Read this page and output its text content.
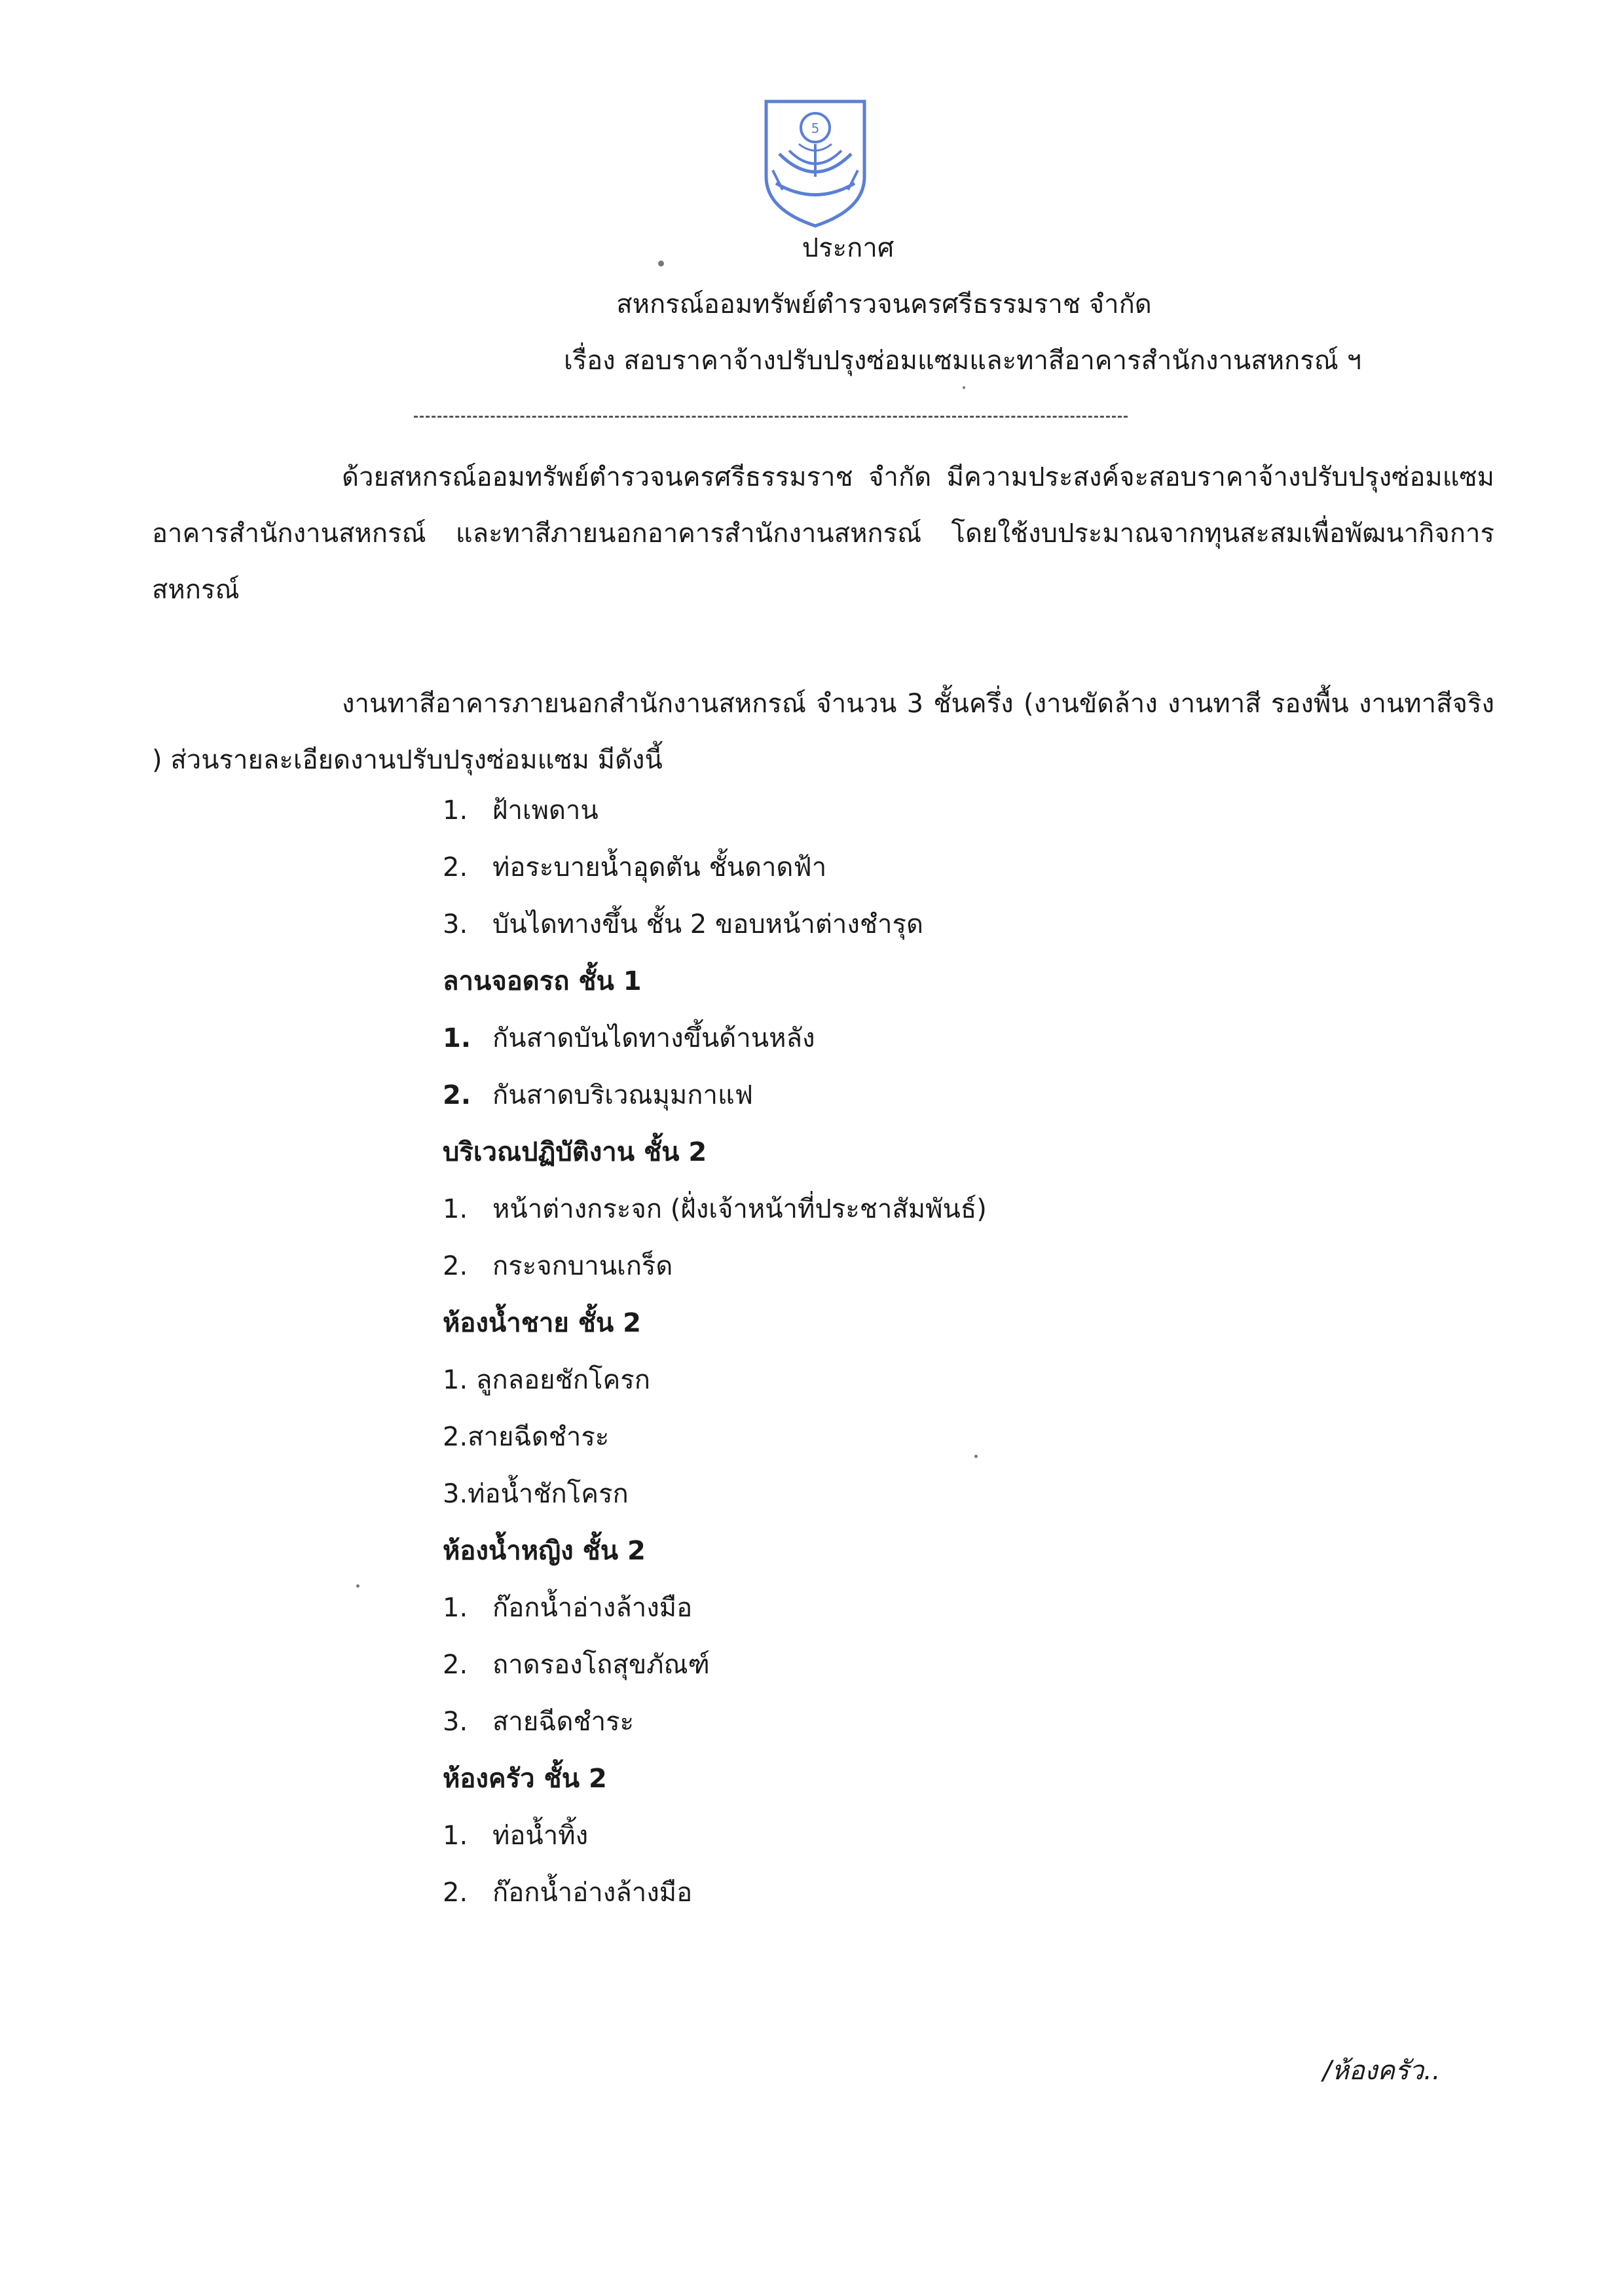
5
ประกาศ
สหกรณ์ออมทรัพย์ตำรวจนครศรีธรรมราช จำกัด
เรื่อง สอบราคาจ้างปรับปรุงซ่อมแซมและทาสีอาคารสำนักงานสหกรณ์ ฯ
ด้วยสหกรณ์ออมทรัพย์ตำรวจนครศรีธรรมราช จำกัด มีความประสงค์จะสอบราคาจ้างปรับปรุงซ่อมแซมอาคารสำนักงานสหกรณ์ และทาสีภายนอกอาคารสำนักงานสหกรณ์ โดยใช้งบประมาณจากทุนสะสมเพื่อพัฒนากิจการสหกรณ์
งานทาสีอาคารภายนอกสำนักงานสหกรณ์ จำนวน 3 ชั้นครึ่ง (งานขัดล้าง งานทาสี รองพื้น งานทาสีจริง ) ส่วนรายละเอียดงานปรับปรุงซ่อมแซม มีดังนี้
1. ฝ้าเพดาน
2. ท่อระบายน้ำอุดตัน ชั้นดาดฟ้า
3. บันไดทางขึ้น ชั้น 2 ขอบหน้าต่างชำรุด
ลานจอดรถ ชั้น 1
1. กันสาดบันไดทางขึ้นด้านหลัง
2. กันสาดบริเวณมุมกาแฟ
บริเวณปฏิบัติงาน ชั้น 2
1. หน้าต่างกระจก (ฝั่งเจ้าหน้าที่ประชาสัมพันธ์)
2. กระจกบานเกร็ด
ห้องน้ำชาย ชั้น 2
1. ลูกลอยชักโครก
2.สายฉีดชำระ
3.ท่อน้ำชักโครก
ห้องน้ำหญิง ชั้น 2
1. ก๊อกน้ำอ่างล้างมือ
2. ถาดรองโถสุขภัณฑ์
3. สายฉีดชำระ
ห้องครัว ชั้น 2
1. ท่อน้ำทิ้ง
2. ก๊อกน้ำอ่างล้างมือ
/ห้องครัว..
